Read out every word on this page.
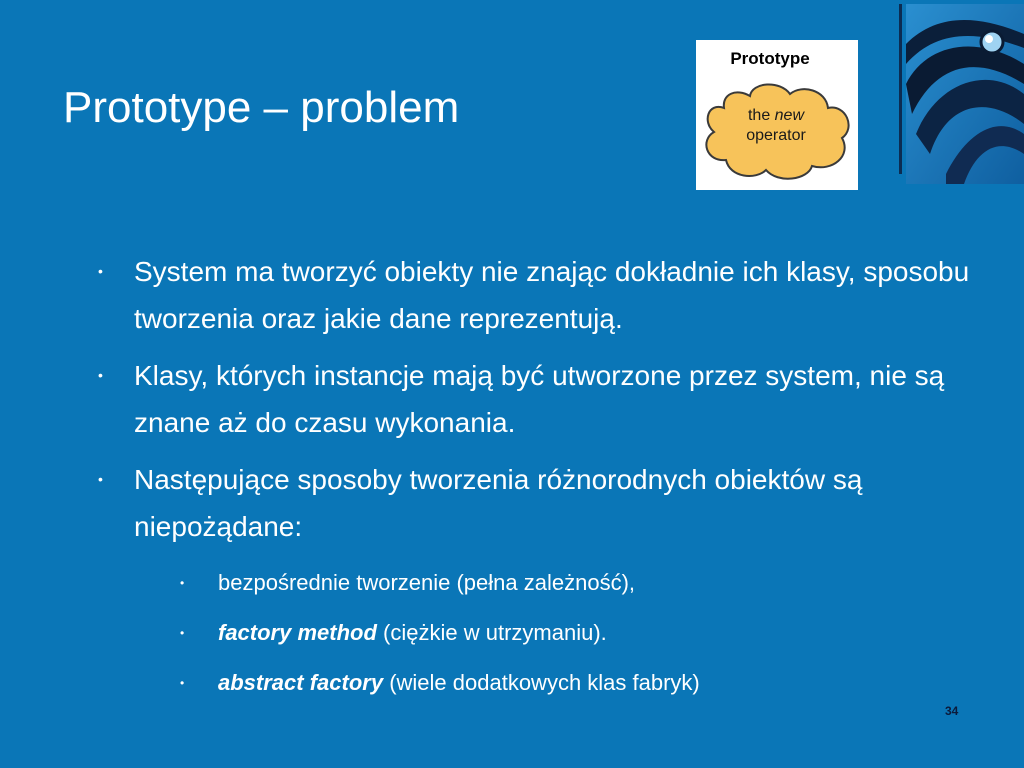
Prototype – problem
Prototype
the new
operator
• System ma tworzyć obiekty nie znając dokładnie ich klasy, sposobu tworzenia oraz jakie dane reprezentują.
• Klasy, których instancje mają być utworzone przez system, nie są znane aż do czasu wykonania.
• Następujące sposoby tworzenia różnorodnych obiektów są niepożądane:
• bezpośrednie tworzenie (pełna zależność),
• factory method (ciężkie w utrzymaniu).
• abstract factory (wiele dodatkowych klas fabryk)
34
